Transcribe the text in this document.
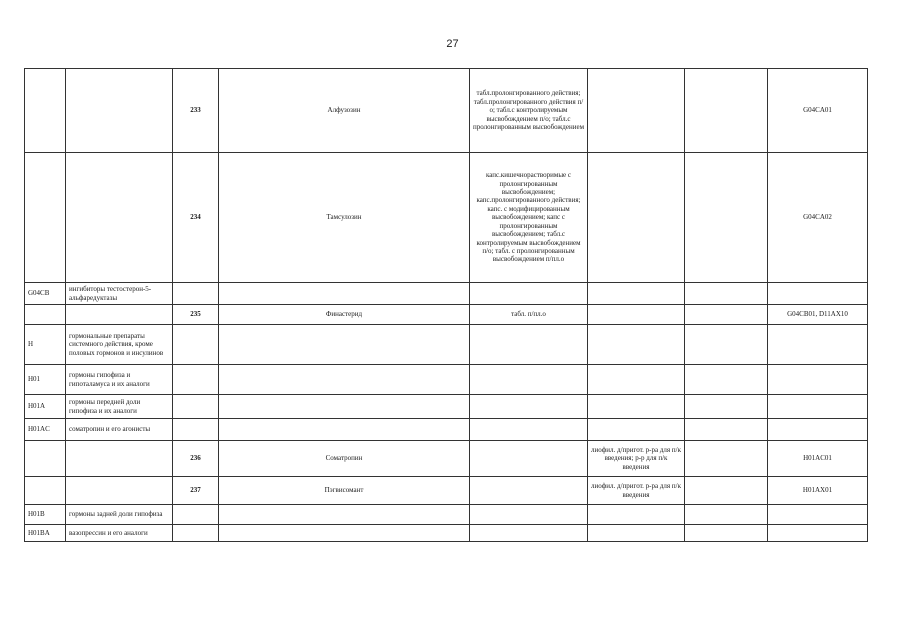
27
		233	Алфузозин	табл.пролонгированного действия; табл.пролонгированного действия п/о; табл.с контролируемым высвобождением п/о; табл.с пролонгированным высвобождением			G04CA01
		234	Тамсулозин	капс.кишечнорастворимые с пролонгированным высвобождением; капс.пролонгированного действия; капс. с модифицированным высвобождением; капс с пролонгированным высвобождением; табл.с контролируемым высвобождением п/о; табл. с пролонгированным высвобождением п/пл.о			G04CA02
G04CB	ингибиторы тестостерон-5-альфаредуктазы						
		235	Финастерид	табл. п/пл.о			G04CB01, D11AX10
H	гормональные препараты системного действия, кроме половых гормонов и инсулинов						
H01	гормоны гипофиза и гипоталамуса и их аналоги						
H01A	гормоны передней доли гипофиза и их аналоги						
H01AC	соматропин и его агонисты						
		236	Соматропин		лиофил. д/пригот. р-ра для п/к введения; р-р для п/к введения		H01AC01
		237	Пэгвисомант		лиофил. д/пригот. р-ра для п/к введения		H01AX01
H01B	гормоны задней доли гипофиза						
H01BA	вазопрессин и его аналоги						
